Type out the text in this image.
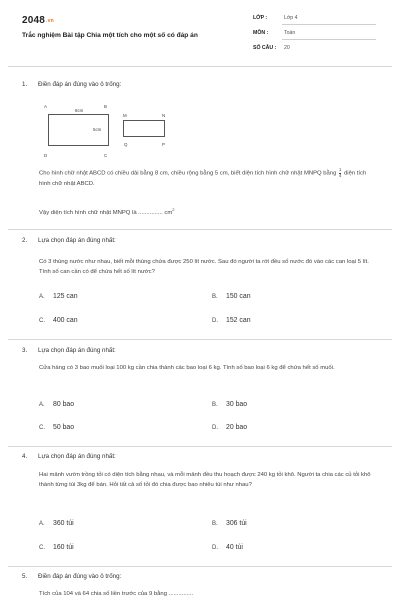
2048.vn
Trắc nghiệm Bài tập Chia một tích cho một số có đáp án
LỚP :	Lớp 4
MÔN :	Toán
SỐ CÂU : 20
1. Điền đáp án đúng vào ô trống:
A	B
8cm
5cm
D	C
M	N
Q	P
Cho hình chữ nhật ABCD có chiều dài bằng 8 cm, chiều rộng bằng 5 cm, biết diện tích hình chữ nhật MNPQ bằng $\frac{1}{4}$ diện tích hình chữ nhật ABCD.
Vậy diện tích hình chữ nhật MNPQ là ............... $cm^2$
2. Lựa chọn đáp án đúng nhất:
Có 3 thùng nước như nhau, biết mỗi thùng chứa được 250 lít nước. Sau đó người ta rót đều số nước đó vào các can loại 5 lít. Tính số can cần có để chứa hết số lít nước?
A. 125 can	B. 150 can
C. 400 can	D. 152 can
3. Lựa chọn đáp án đúng nhất:
Cửa hàng có 3 bao muối loại 100 kg cần chia thành các bao loại 6 kg. Tính số bao loại 6 kg để chứa hết số muối.
A. 80 bao	B. 30 bao
C. 50 bao	D. 20 bao
4. Lựa chọn đáp án đúng nhất:
Hai mảnh vườn trồng tỏi có diện tích bằng nhau, và mỗi mảnh đều thu hoạch được 240 kg tỏi khô. Người ta chia các củ tỏi khô thành từng túi 3kg để bán. Hỏi tất cả số tỏi đó chia được bao nhiêu túi như nhau?
A. 360 túi	B. 306 túi
C. 160 túi	D. 40 túi
5. Điền đáp án đúng vào ô trống:
Tích của 104 và 64 chia số liền trước của 9 bằng ...............
